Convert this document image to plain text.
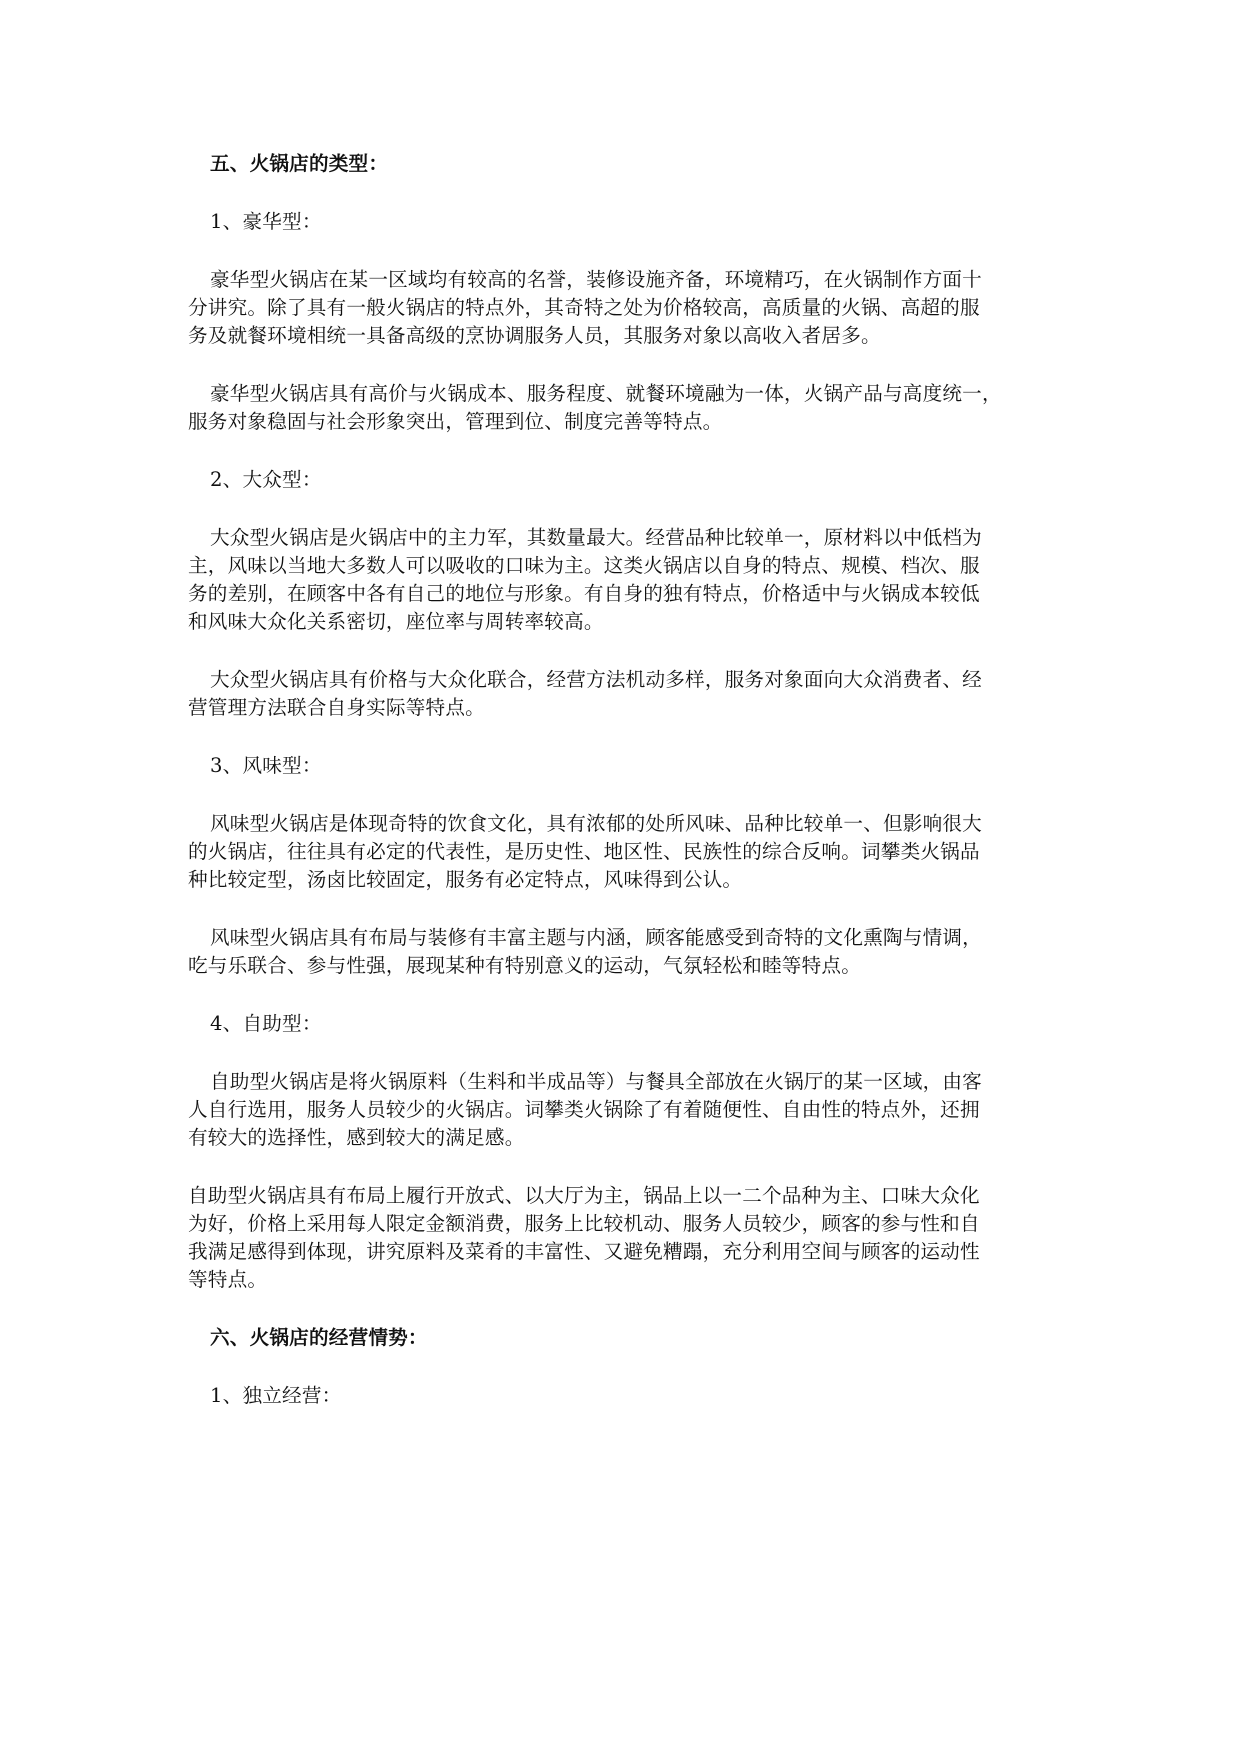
五、火锅店的类型：
1、豪华型：
豪华型火锅店在某一区域均有较高的名誉，装修设施齐备，环境精巧，在火锅制作方面十
分讲究。除了具有一般火锅店的特点外，其奇特之处为价格较高，高质量的火锅、高超的服
务及就餐环境相统一具备高级的烹协调服务人员，其服务对象以高收入者居多。
豪华型火锅店具有高价与火锅成本、服务程度、就餐环境融为一体，火锅产品与高度统一，
服务对象稳固与社会形象突出，管理到位、制度完善等特点。
2、大众型：
大众型火锅店是火锅店中的主力军，其数量最大。经营品种比较单一，原材料以中低档为
主，风味以当地大多数人可以吸收的口味为主。这类火锅店以自身的特点、规模、档次、服
务的差别，在顾客中各有自己的地位与形象。有自身的独有特点，价格适中与火锅成本较低
和风味大众化关系密切，座位率与周转率较高。
大众型火锅店具有价格与大众化联合，经营方法机动多样，服务对象面向大众消费者、经
营管理方法联合自身实际等特点。
3、风味型：
风味型火锅店是体现奇特的饮食文化，具有浓郁的处所风味、品种比较单一、但影响很大
的火锅店，往往具有必定的代表性，是历史性、地区性、民族性的综合反响。词攀类火锅品
种比较定型，汤卤比较固定，服务有必定特点，风味得到公认。
风味型火锅店具有布局与装修有丰富主题与内涵，顾客能感受到奇特的文化熏陶与情调，
吃与乐联合、参与性强，展现某种有特别意义的运动，气氛轻松和睦等特点。
4、自助型：
自助型火锅店是将火锅原料（生料和半成品等）与餐具全部放在火锅厅的某一区域，由客
人自行选用，服务人员较少的火锅店。词攀类火锅除了有着随便性、自由性的特点外，还拥
有较大的选择性，感到较大的满足感。
自助型火锅店具有布局上履行开放式、以大厅为主，锅品上以一二个品种为主、口味大众化
为好，价格上采用每人限定金额消费，服务上比较机动、服务人员较少，顾客的参与性和自
我满足感得到体现，讲究原料及菜肴的丰富性、又避免糟蹋，充分利用空间与顾客的运动性
等特点。
六、火锅店的经营情势：
1、独立经营：
